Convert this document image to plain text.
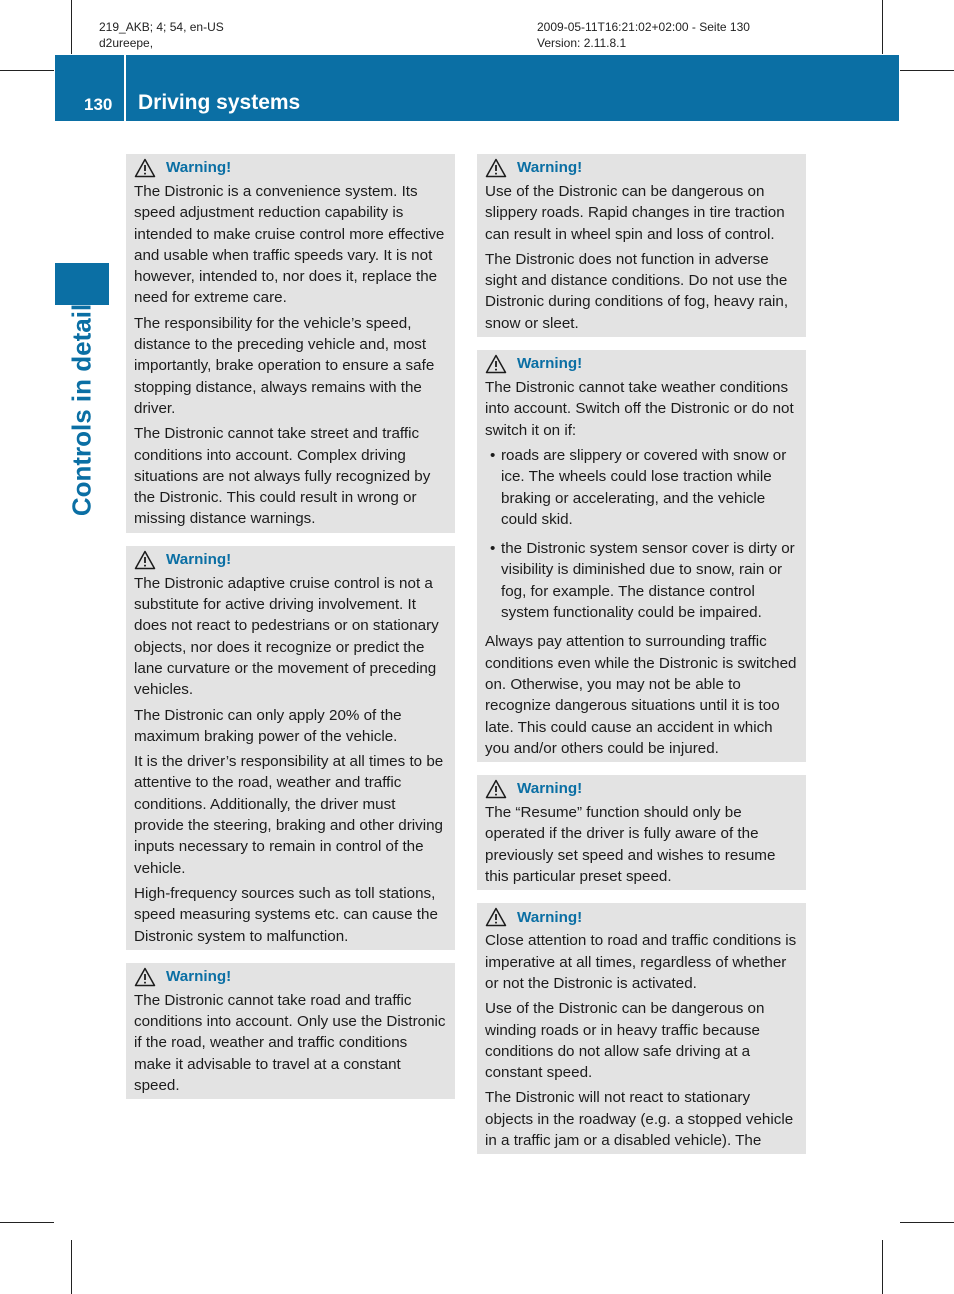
219_AKB; 4; 54, en-US
d2ureepe,
2009-05-11T16:21:02+02:00 - Seite 130
Version: 2.11.8.1
130 Driving systems
Controls in detail
Warning!

The Distronic is a convenience system. Its speed adjustment reduction capability is intended to make cruise control more effective and usable when traffic speeds vary. It is not however, intended to, nor does it, replace the need for extreme care.

The responsibility for the vehicle’s speed, distance to the preceding vehicle and, most importantly, brake operation to ensure a safe stopping distance, always remains with the driver.

The Distronic cannot take street and traffic conditions into account. Complex driving situations are not always fully recognized by the Distronic. This could result in wrong or missing distance warnings.

Warning!

The Distronic adaptive cruise control is not a substitute for active driving involvement. It does not react to pedestrians or on stationary objects, nor does it recognize or predict the lane curvature or the movement of preceding vehicles.

The Distronic can only apply 20% of the maximum braking power of the vehicle.

It is the driver’s responsibility at all times to be attentive to the road, weather and traffic conditions. Additionally, the driver must provide the steering, braking and other driving inputs necessary to remain in control of the vehicle.

High-frequency sources such as toll stations, speed measuring systems etc. can cause the Distronic system to malfunction.

Warning!

The Distronic cannot take road and traffic conditions into account. Only use the Distronic if the road, weather and traffic conditions make it advisable to travel at a constant speed.

Warning!

Use of the Distronic can be dangerous on slippery roads. Rapid changes in tire traction can result in wheel spin and loss of control.

The Distronic does not function in adverse sight and distance conditions. Do not use the Distronic during conditions of fog, heavy rain, snow or sleet.

Warning!

The Distronic cannot take weather conditions into account. Switch off the Distronic or do not switch it on if:

• roads are slippery or covered with snow or ice. The wheels could lose traction while braking or accelerating, and the vehicle could skid.
• the Distronic system sensor cover is dirty or visibility is diminished due to snow, rain or fog, for example. The distance control system functionality could be impaired.

Always pay attention to surrounding traffic conditions even while the Distronic is switched on. Otherwise, you may not be able to recognize dangerous situations until it is too late. This could cause an accident in which you and/or others could be injured.

Warning!

The “Resume” function should only be operated if the driver is fully aware of the previously set speed and wishes to resume this particular preset speed.

Warning!

Close attention to road and traffic conditions is imperative at all times, regardless of whether or not the Distronic is activated.

Use of the Distronic can be dangerous on winding roads or in heavy traffic because conditions do not allow safe driving at a constant speed.

The Distronic will not react to stationary objects in the roadway (e.g. a stopped vehicle in a traffic jam or a disabled vehicle). The
